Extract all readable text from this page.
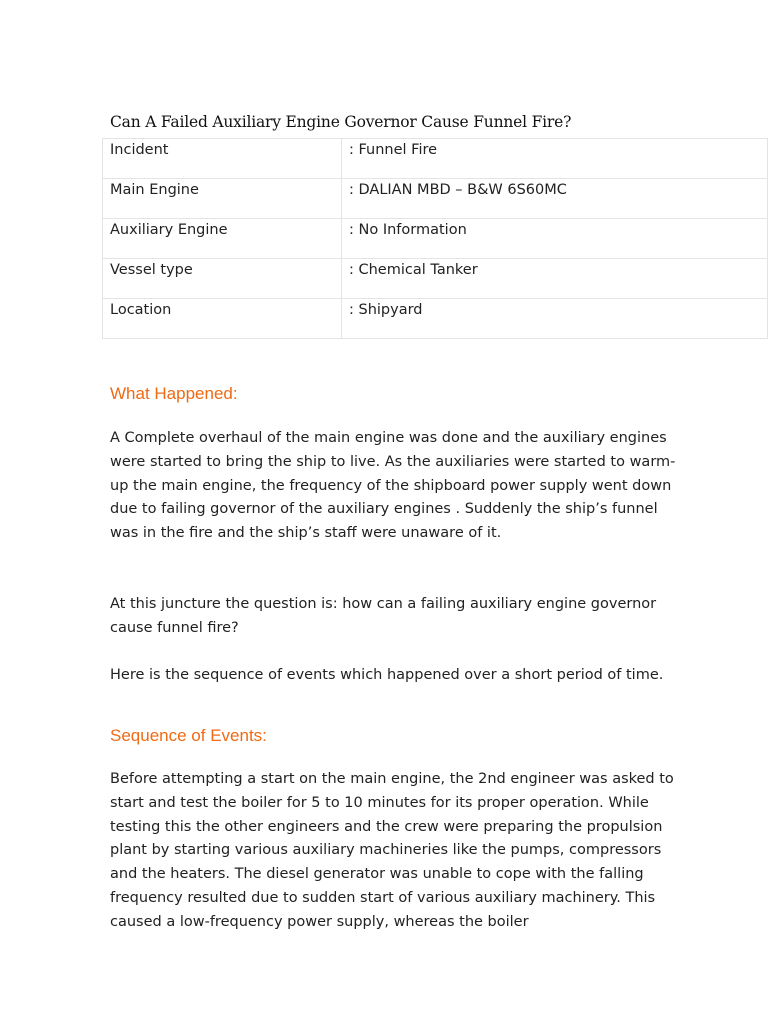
Can A Failed Auxiliary Engine Governor Cause Funnel Fire?
Incident	: Funnel Fire

Main Engine	: DALIAN MBD – B&W 6S60MC

Auxiliary Engine	: No Information

Vessel type	: Chemical Tanker

Location	: Shipyard
What Happened:

A Complete overhaul of the main engine was done and the auxiliary engines were started to bring the ship to live. As the auxiliaries were started to warm-up the main engine, the frequency of the shipboard power supply went down due to failing governor of the auxiliary engines . Suddenly the ship’s funnel was in the fire and the ship’s staff were unaware of it.

At this juncture the question is: how can a failing auxiliary engine governor cause funnel fire?

Here is the sequence of events which happened over a short period of time.

Sequence of Events:

Before attempting a start on the main engine, the 2nd engineer was asked to start and test the boiler for 5 to 10 minutes for its proper operation. While testing this the other engineers and the crew were preparing the propulsion plant by starting various auxiliary machineries like the pumps, compressors and the heaters. The diesel generator was unable to cope with the falling frequency resulted due to sudden start of various auxiliary machinery. This caused a low-frequency power supply, whereas the boiler
